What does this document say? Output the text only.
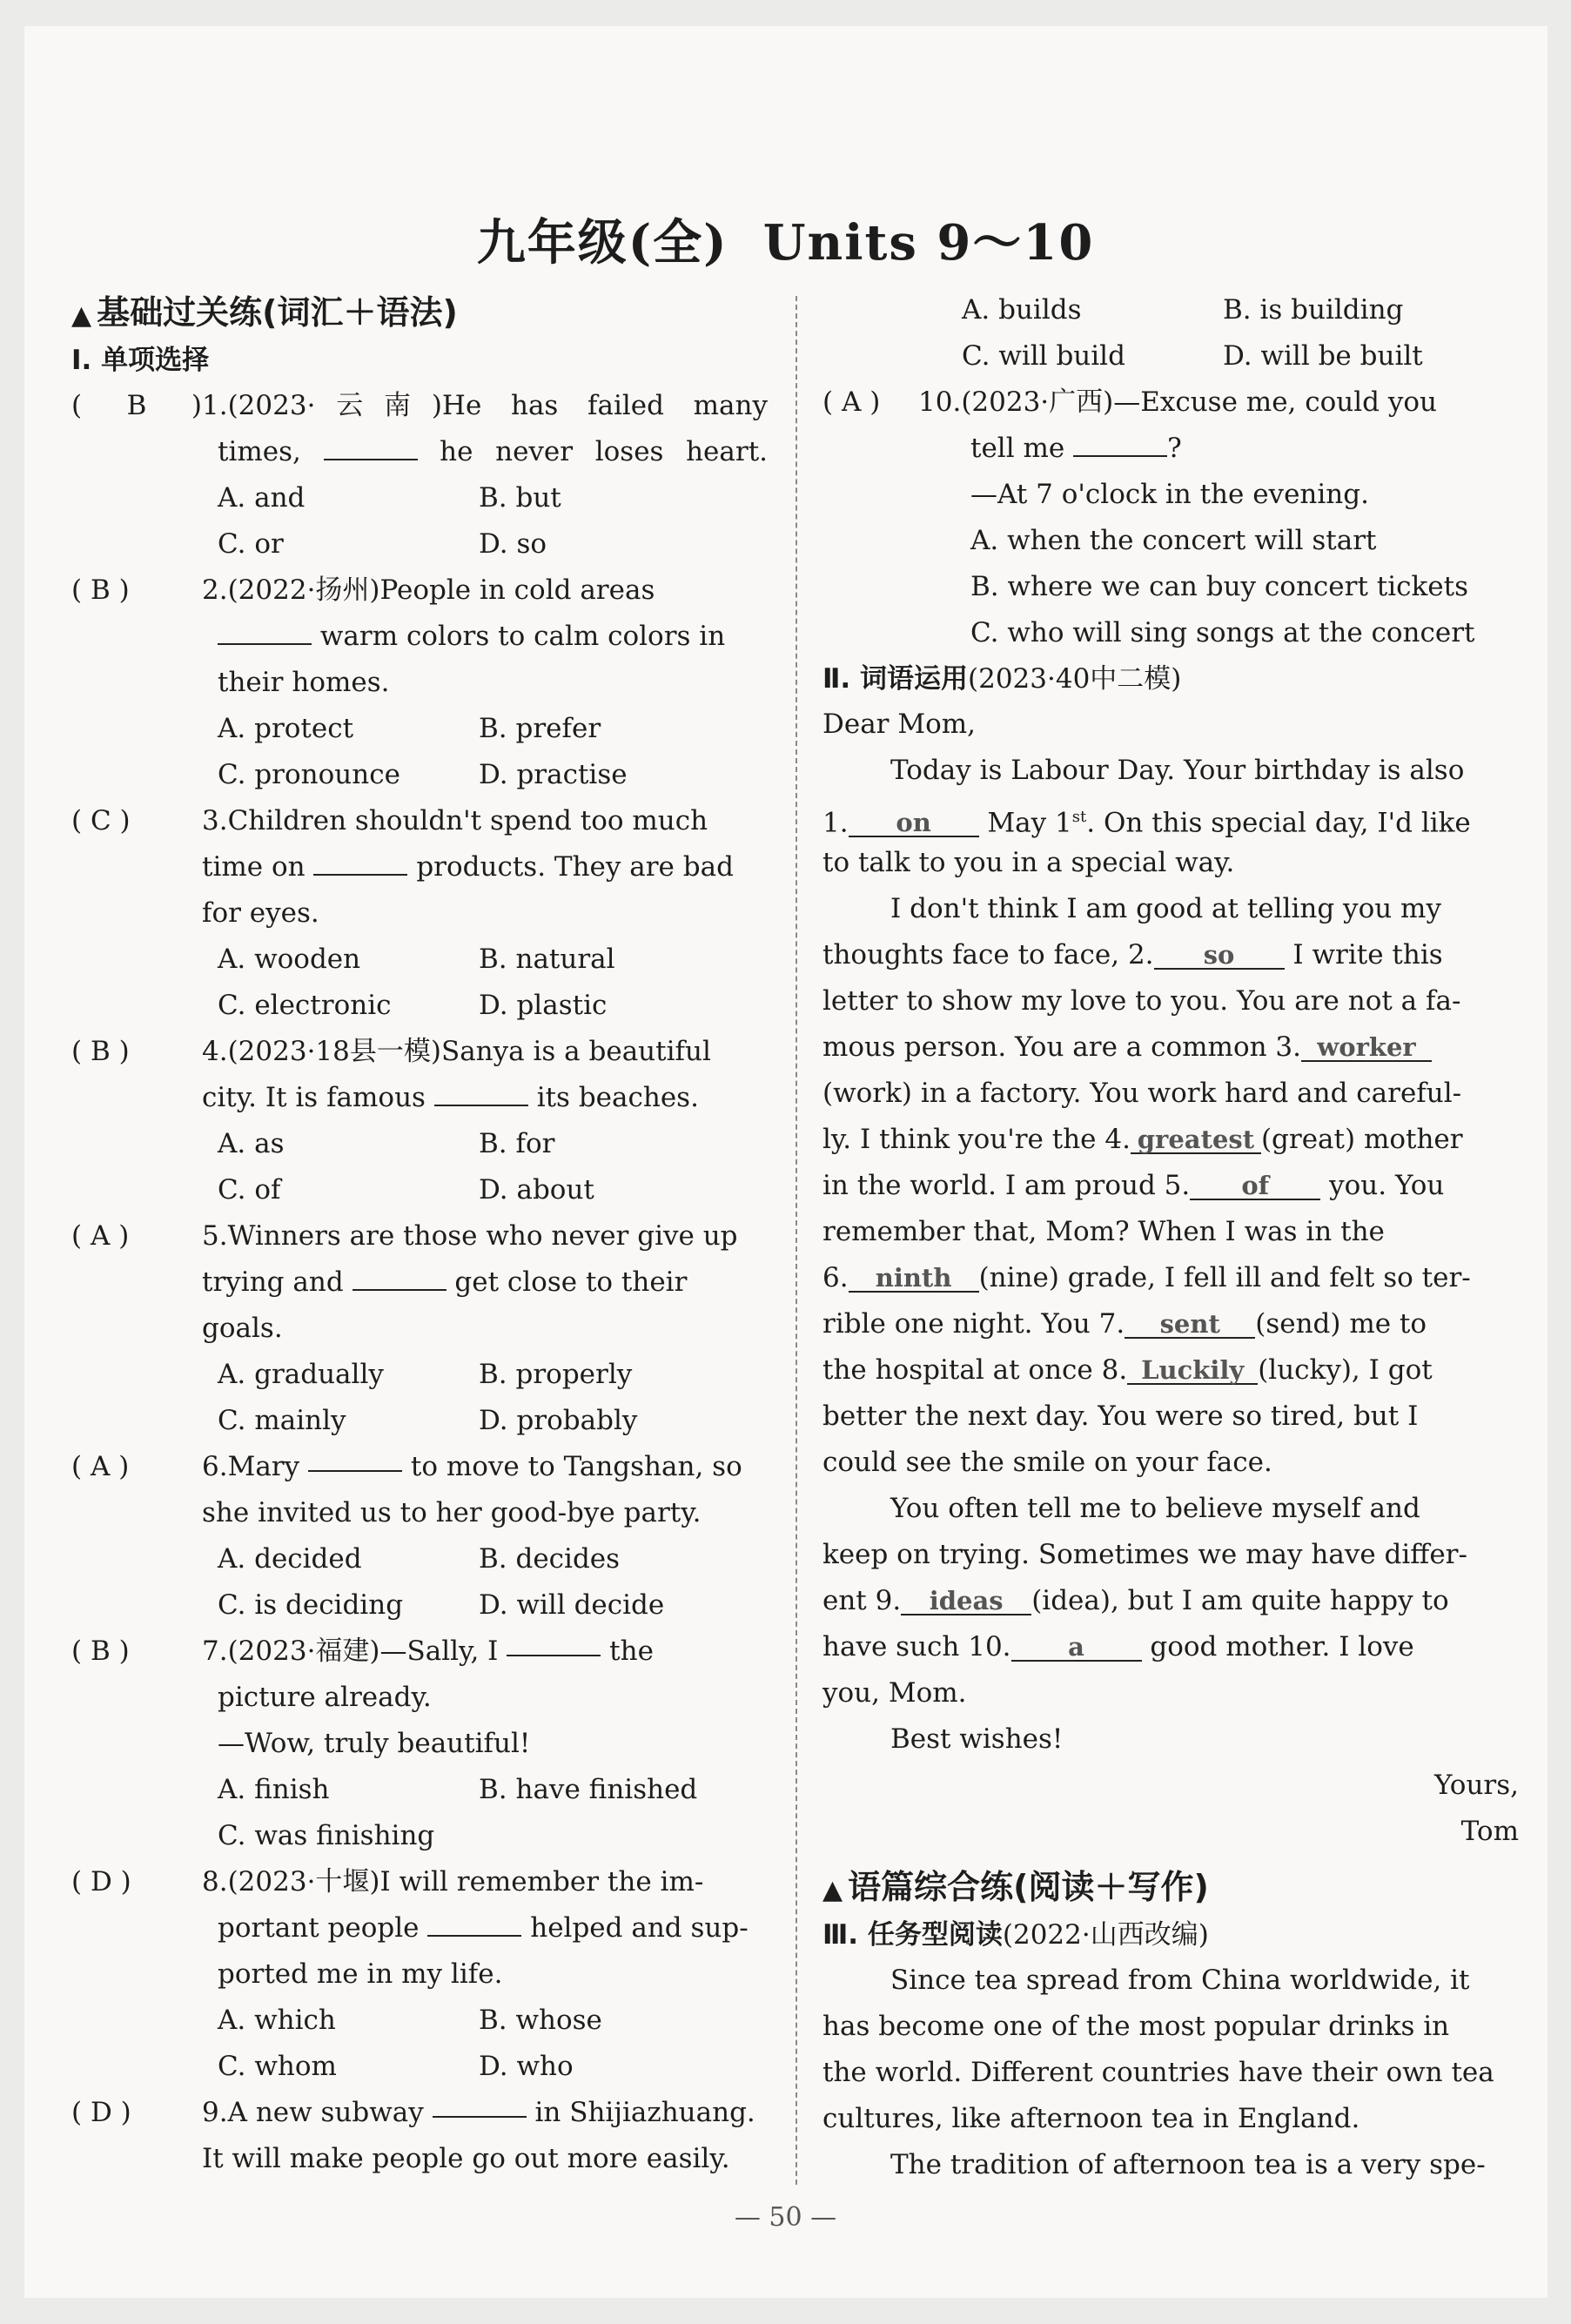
九年级(全) Units 9～10
▲ 基础过关练(词汇＋语法)
Ⅰ. 单项选择
( B ) 1. (2023·云南)He has failed many
times,	he never loses heart.
A. and	B. but
C. or	D. so
( B )	2. (2022·扬州)People in cold areas
warm colors to calm colors in
their homes.
A. protect	B. prefer
C. pronounce	D. practise
( C )	3. Children shouldn't spend too much
time on	products. They are bad
for eyes.
A. wooden	B. natural
C. electronic	D. plastic
( B )	4. (2023·18县一模)Sanya is a beautiful
city. It is famous	its beaches.
A. as	B. for
C. of	D. about
( A )	5. Winners are those who never give up
trying and	get close to their
goals.
A. gradually	B. properly
C. mainly	D. probably
( A )	6. Mary

	to move to Tangshan, so
she invited us to her good-bye party.
A. decided	B. decides
C. is deciding	D. will decide
( B )	7. (2023·福建)—Sally, I

	the
picture already.
—Wow, truly beautiful!
A. finish	B. have finished
C. was finishing
( D )	8. (2023·十堰)I will remember the im-
portant people	helped and sup-
ported me in my life.
A. which	B. whose
C. whom	D. who
( D )	9. A new subway

	in Shijiazhuang.
It will make people go out more easily.
A. builds	B. is building
C. will build	D. will be built
( A )	10. (2023·广西)—Excuse me, could you
tell me	?
—At 7 o'clock in the evening.
A. when the concert will start
B. where we can buy concert tickets
C. who will sing songs at the concert
Ⅱ. 词语运用(2023·40中二模)
Dear Mom,
Today is Labour Day. Your birthday is also
1. on May 1st. On this special day, I'd like
to talk to you in a special way.
I don't think I am good at telling you my
thoughts face to face, 2. so I write this
letter to show my love to you. You are not a fa-
mous person. You are a common 3. worker
(work) in a factory. You work hard and careful-
ly. I think you're the 4. greatest (great) mother
in the world. I am proud 5. of you. You
remember that, Mom? When I was in the
6. ninth (nine) grade, I fell ill and felt so ter-
rible one night. You 7. sent (send) me to
the hospital at once 8. Luckily (lucky), I got
better the next day. You were so tired, but I
could see the smile on your face.
You often tell me to believe myself and
keep on trying. Sometimes we may have differ-
ent 9. ideas (idea), but I am quite happy to
have such 10. a good mother. I love
you, Mom.
Best wishes!
Yours,
Tom
▲ 语篇综合练(阅读＋写作)
Ⅲ. 任务型阅读(2022·山西改编)
Since tea spread from China worldwide, it
has become one of the most popular drinks in
the world. Different countries have their own tea
cultures, like afternoon tea in England.
The tradition of afternoon tea is a very spe-
— 50 —
